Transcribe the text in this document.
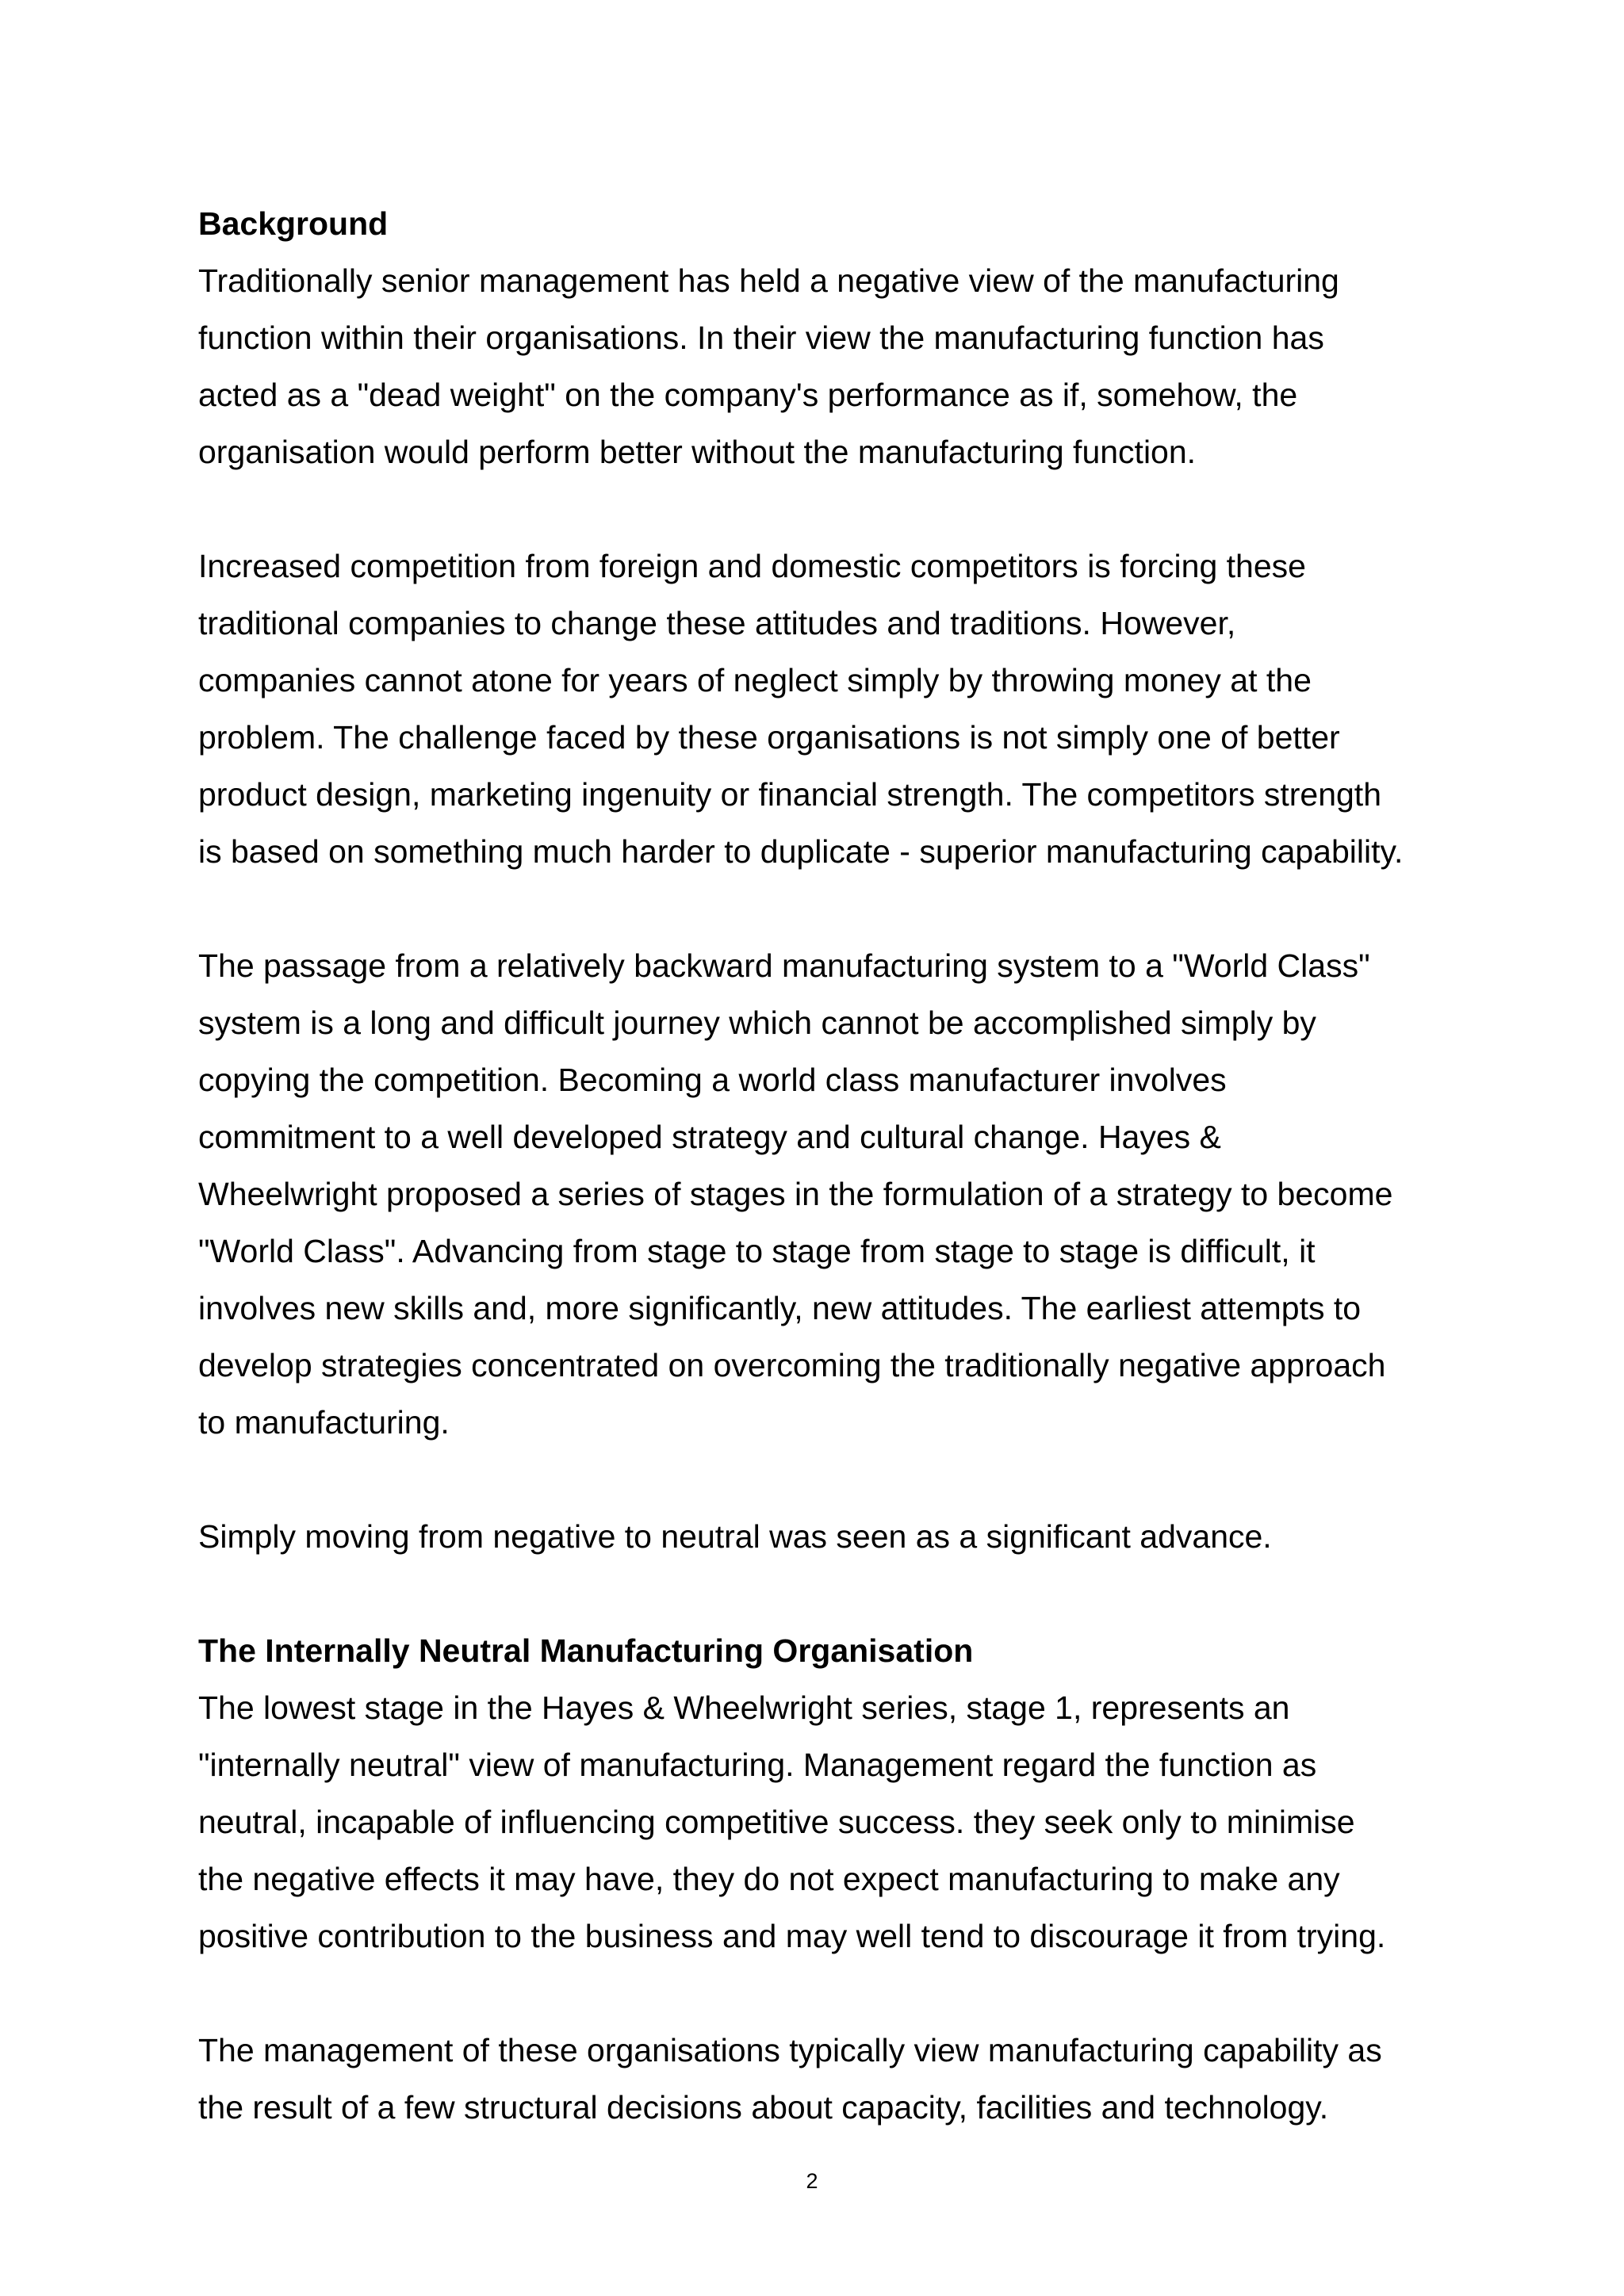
Background

Traditionally senior management has held a negative view of the manufacturing
function within their organisations. In their view the manufacturing function has
acted as a "dead weight" on the company's performance as if, somehow, the
organisation would perform better without the manufacturing function.

Increased competition from foreign and domestic competitors is forcing these
traditional companies to change these attitudes and traditions. However,
companies cannot atone for years of neglect simply by throwing money at the
problem. The challenge faced by these organisations is not simply one of better
product design, marketing ingenuity or financial strength. The competitors strength
is based on something much harder to duplicate - superior manufacturing capability.

The passage from a relatively backward manufacturing system to a "World Class"
system is a long and difficult journey which cannot be accomplished simply by
copying the competition. Becoming a world class manufacturer involves
commitment to a well developed strategy and cultural change. Hayes &
Wheelwright proposed a series of stages in the formulation of a strategy to become
"World Class". Advancing from stage to stage from stage to stage is difficult, it
involves new skills and, more significantly, new attitudes. The earliest attempts to
develop strategies concentrated on overcoming the traditionally negative approach
to manufacturing.

Simply moving from negative to neutral was seen as a significant advance.

The Internally Neutral Manufacturing Organisation

The lowest stage in the Hayes & Wheelwright series, stage 1, represents an
"internally neutral" view of manufacturing. Management regard the function as
neutral, incapable of influencing competitive success. they seek only to minimise
the negative effects it may have, they do not expect manufacturing to make any
positive contribution to the business and may well tend to discourage it from trying.

The management of these organisations typically view manufacturing capability as
the result of a few structural decisions about capacity, facilities and technology.

2
